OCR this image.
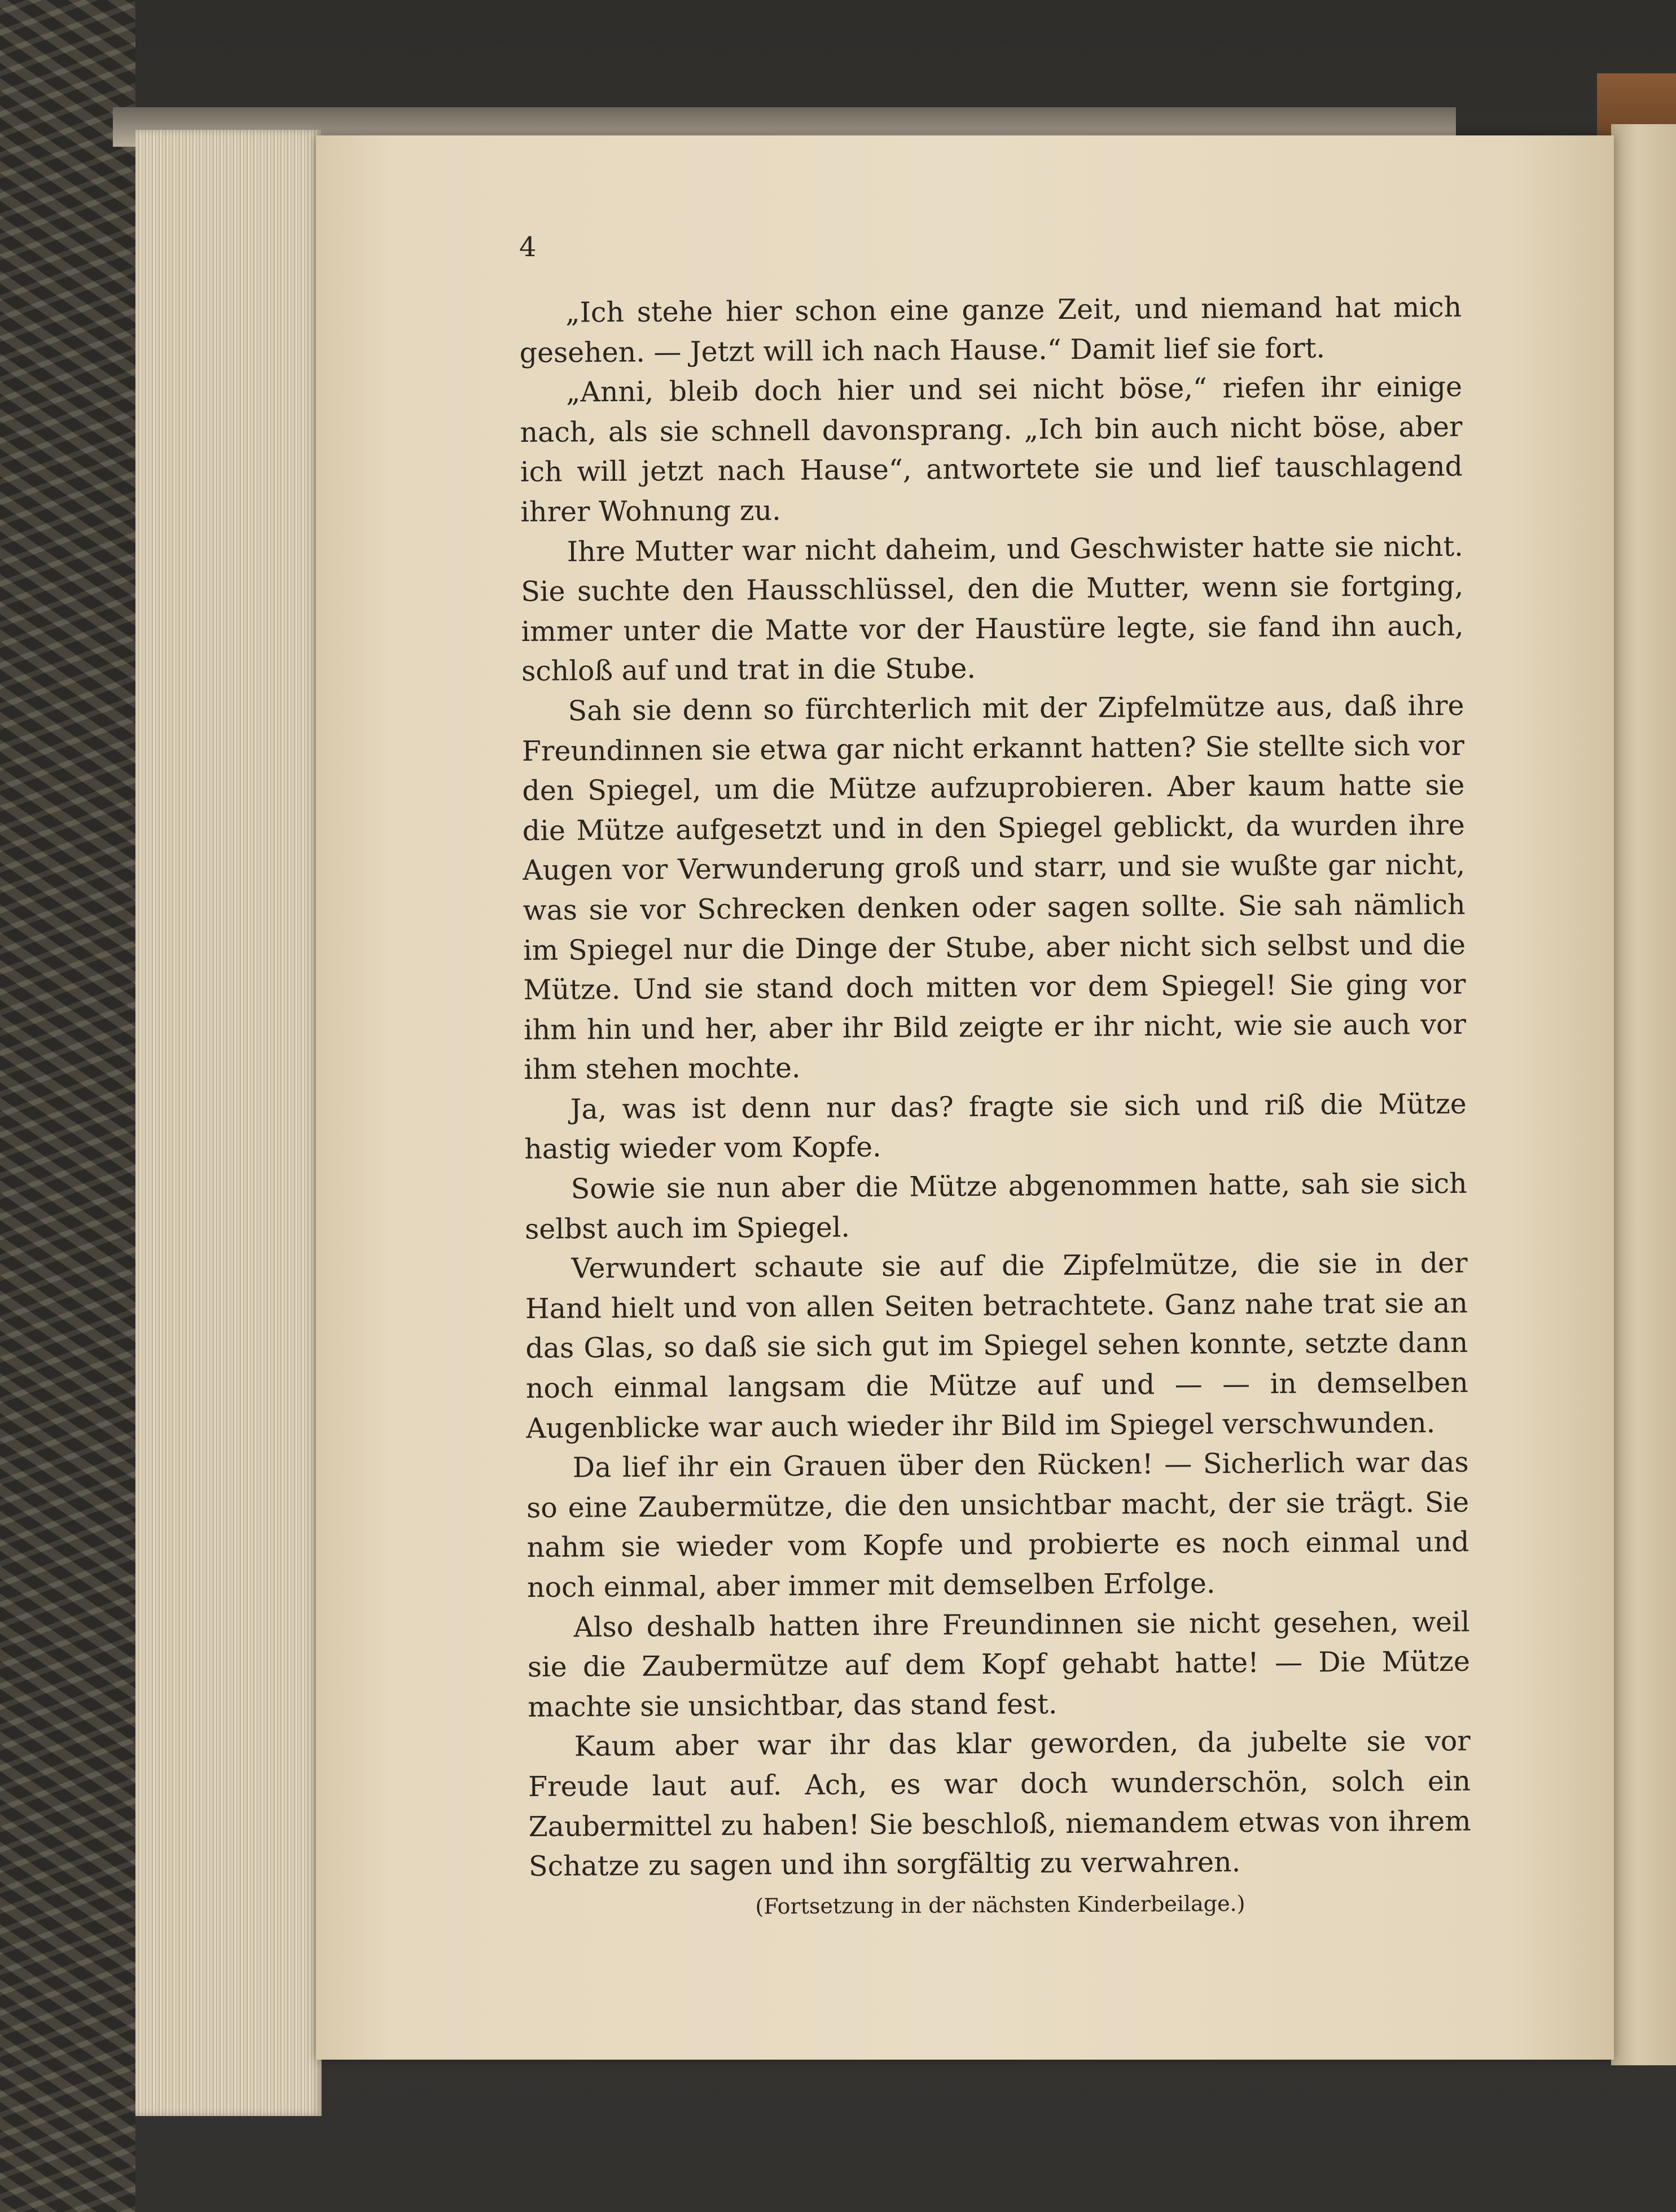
4

„Ich stehe hier schon eine ganze Zeit, und niemand hat mich gesehen. — Jetzt will ich nach Hause.“ Damit lief sie fort.

„Anni, bleib doch hier und sei nicht böse,“ riefen ihr einige nach, als sie schnell davonsprang. „Ich bin auch nicht böse, aber ich will jetzt nach Hause“, antwortete sie und lief tauschlagend ihrer Wohnung zu.

Ihre Mutter war nicht daheim, und Geschwister hatte sie nicht. Sie suchte den Hausschlüssel, den die Mutter, wenn sie fortging, immer unter die Matte vor der Haustüre legte, sie fand ihn auch, schloß auf und trat in die Stube.

Sah sie denn so fürchterlich mit der Zipfelmütze aus, daß ihre Freundinnen sie etwa gar nicht erkannt hatten? Sie stellte sich vor den Spiegel, um die Mütze aufzuprobieren. Aber kaum hatte sie die Mütze aufgesetzt und in den Spiegel geblickt, da wurden ihre Augen vor Verwunderung groß und starr, und sie wußte gar nicht, was sie vor Schrecken denken oder sagen sollte. Sie sah nämlich im Spiegel nur die Dinge der Stube, aber nicht sich selbst und die Mütze. Und sie stand doch mitten vor dem Spiegel! Sie ging vor ihm hin und her, aber ihr Bild zeigte er ihr nicht, wie sie auch vor ihm stehen mochte.

Ja, was ist denn nur das? fragte sie sich und riß die Mütze hastig wieder vom Kopfe.

Sowie sie nun aber die Mütze abgenommen hatte, sah sie sich selbst auch im Spiegel.

Verwundert schaute sie auf die Zipfelmütze, die sie in der Hand hielt und von allen Seiten betrachtete. Ganz nahe trat sie an das Glas, so daß sie sich gut im Spiegel sehen konnte, setzte dann noch einmal langsam die Mütze auf und — — in demselben Augenblicke war auch wieder ihr Bild im Spiegel verschwunden.

Da lief ihr ein Grauen über den Rücken! — Sicherlich war das so eine Zaubermütze, die den unsichtbar macht, der sie trägt. Sie nahm sie wieder vom Kopfe und probierte es noch einmal und noch einmal, aber immer mit demselben Erfolge.

Also deshalb hatten ihre Freundinnen sie nicht gesehen, weil sie die Zaubermütze auf dem Kopf gehabt hatte! — Die Mütze machte sie unsichtbar, das stand fest.

Kaum aber war ihr das klar geworden, da jubelte sie vor Freude laut auf. Ach, es war doch wunderschön, solch ein Zaubermittel zu haben! Sie beschloß, niemandem etwas von ihrem Schatze zu sagen und ihn sorgfältig zu verwahren.

(Fortsetzung in der nächsten Kinderbeilage.)
